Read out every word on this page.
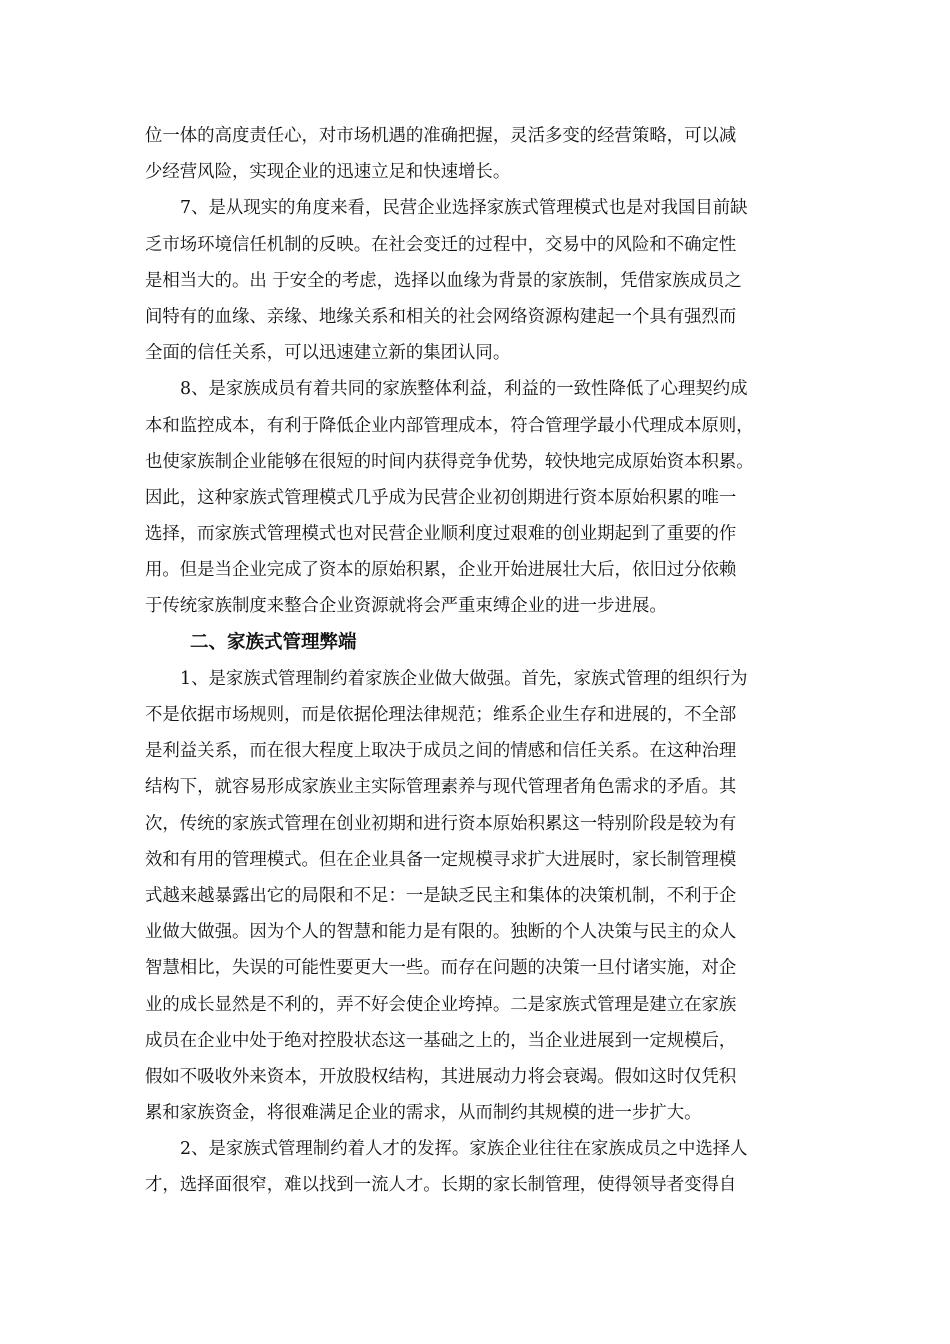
位一体的高度责任心，对市场机遇的准确把握，灵活多变的经营策略，可以减
少经营风险，实现企业的迅速立足和快速增长。
7、是从现实的角度来看，民营企业选择家族式管理模式也是对我国目前缺
乏市场环境信任机制的反映。在社会变迁的过程中，交易中的风险和不确定性
是相当大的。出 于安全的考虑，选择以血缘为背景的家族制，凭借家族成员之
间特有的血缘、亲缘、地缘关系和相关的社会网络资源构建起一个具有强烈而
全面的信任关系，可以迅速建立新的集团认同。
8、是家族成员有着共同的家族整体利益，利益的一致性降低了心理契约成
本和监控成本，有利于降低企业内部管理成本，符合管理学最小代理成本原则，
也使家族制企业能够在很短的时间内获得竞争优势，较快地完成原始资本积累。
因此，这种家族式管理模式几乎成为民营企业初创期进行资本原始积累的唯一
选择，而家族式管理模式也对民营企业顺利度过艰难的创业期起到了重要的作
用。但是当企业完成了资本的原始积累，企业开始进展壮大后，依旧过分依赖
于传统家族制度来整合企业资源就将会严重束缚企业的进一步进展。
二、家族式管理弊端
1、是家族式管理制约着家族企业做大做强。首先，家族式管理的组织行为
不是依据市场规则，而是依据伦理法律规范；维系企业生存和进展的，不全部
是利益关系，而在很大程度上取决于成员之间的情感和信任关系。在这种治理
结构下，就容易形成家族业主实际管理素养与现代管理者角色需求的矛盾。其
次，传统的家族式管理在创业初期和进行资本原始积累这一特别阶段是较为有
效和有用的管理模式。但在企业具备一定规模寻求扩大进展时，家长制管理模
式越来越暴露出它的局限和不足：一是缺乏民主和集体的决策机制，不利于企
业做大做强。因为个人的智慧和能力是有限的。独断的个人决策与民主的众人
智慧相比，失误的可能性要更大一些。而存在问题的决策一旦付诸实施，对企
业的成长显然是不利的，弄不好会使企业垮掉。二是家族式管理是建立在家族
成员在企业中处于绝对控股状态这一基础之上的，当企业进展到一定规模后，
假如不吸收外来资本，开放股权结构，其进展动力将会衰竭。假如这时仅凭积
累和家族资金，将很难满足企业的需求，从而制约其规模的进一步扩大。
2、是家族式管理制约着人才的发挥。家族企业往往在家族成员之中选择人
才，选择面很窄，难以找到一流人才。长期的家长制管理，使得领导者变得自
